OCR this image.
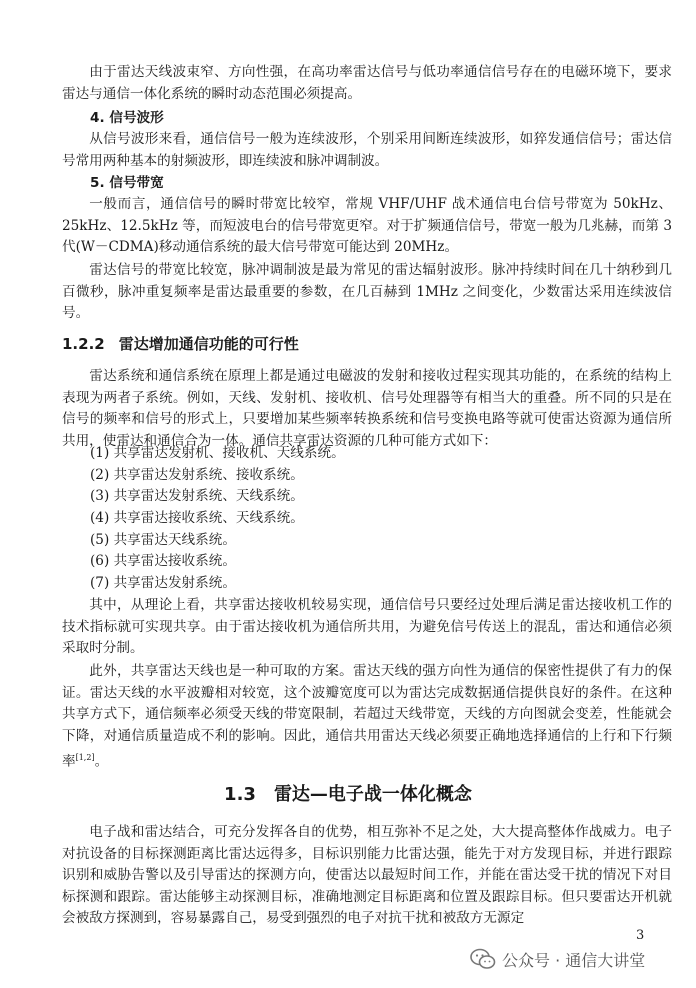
由于雷达天线波束窄、方向性强，在高功率雷达信号与低功率通信信号存在的电磁环境下，要求雷达与通信一体化系统的瞬时动态范围必须提高。

4. 信号波形

从信号波形来看，通信信号一般为连续波形，个别采用间断连续波形，如猝发通信信号；雷达信号常用两种基本的射频波形，即连续波和脉冲调制波。

5. 信号带宽

一般而言，通信信号的瞬时带宽比较窄，常规 VHF/UHF 战术通信电台信号带宽为 50kHz、25kHz、12.5kHz 等，而短波电台的信号带宽更窄。对于扩频通信信号，带宽一般为几兆赫，而第 3 代(W－CDMA)移动通信系统的最大信号带宽可能达到 20MHz。

雷达信号的带宽比较宽，脉冲调制波是最为常见的雷达辐射波形。脉冲持续时间在几十纳秒到几百微秒，脉冲重复频率是雷达最重要的参数，在几百赫到 1MHz 之间变化，少数雷达采用连续波信号。

1.2.2 雷达增加通信功能的可行性

雷达系统和通信系统在原理上都是通过电磁波的发射和接收过程实现其功能的，在系统的结构上表现为两者子系统。例如，天线、发射机、接收机、信号处理器等有相当大的重叠。所不同的只是在信号的频率和信号的形式上，只要增加某些频率转换系统和信号变换电路等就可使雷达资源为通信所共用，使雷达和通信合为一体。通信共享雷达资源的几种可能方式如下：

(1) 共享雷达发射机、接收机、天线系统。
(2) 共享雷达发射系统、接收系统。
(3) 共享雷达发射系统、天线系统。
(4) 共享雷达接收系统、天线系统。
(5) 共享雷达天线系统。
(6) 共享雷达接收系统。
(7) 共享雷达发射系统。

其中，从理论上看，共享雷达接收机较易实现，通信信号只要经过处理后满足雷达接收机工作的技术指标就可实现共享。由于雷达接收机为通信所共用，为避免信号传送上的混乱，雷达和通信必须采取时分制。

此外，共享雷达天线也是一种可取的方案。雷达天线的强方向性为通信的保密性提供了有力的保证。雷达天线的水平波瓣相对较宽，这个波瓣宽度可以为雷达完成数据通信提供良好的条件。在这种共享方式下，通信频率必须受天线的带宽限制，若超过天线带宽，天线的方向图就会变差，性能就会下降，对通信质量造成不利的影响。因此，通信共用雷达天线必须要正确地选择通信的上行和下行频率[1,2]。

1.3 雷达—电子战一体化概念

电子战和雷达结合，可充分发挥各自的优势，相互弥补不足之处，大大提高整体作战威力。电子对抗设备的目标探测距离比雷达远得多，目标识别能力比雷达强，能先于对方发现目标，并进行跟踪识别和威胁告警以及引导雷达的探测方向，使雷达以最短时间工作，并能在雷达受干扰的情况下对目标探测和跟踪。雷达能够主动探测目标，准确地测定目标距离和位置及跟踪目标。但只要雷达开机就会被敌方探测到，容易暴露自己，易受到强烈的电子对抗干扰和被敌方无源定

3
公众号 · 通信大讲堂
